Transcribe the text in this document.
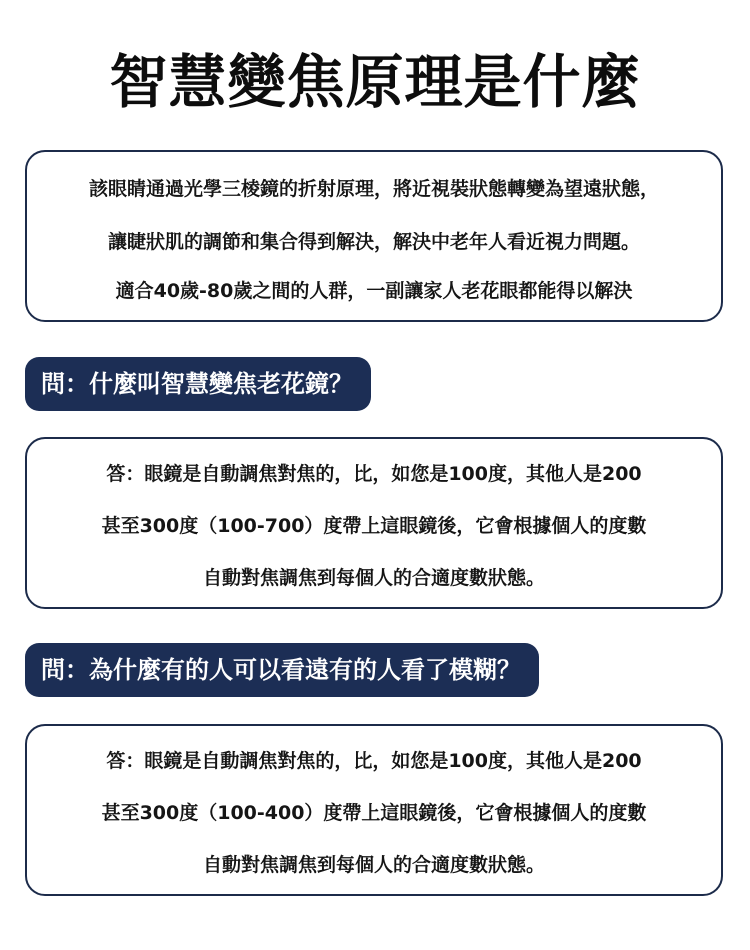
智慧變焦原理是什麼
該眼睛通過光學三棱鏡的折射原理，將近視裝狀態轉變為望遠狀態，
讓睫狀肌的調節和集合得到解決，解決中老年人看近視力問題。
適合40歲-80歲之間的人群，一副讓家人老花眼都能得以解決
問：什麼叫智慧變焦老花鏡？
答：眼鏡是自動調焦對焦的，比，如您是100度，其他人是200
甚至300度（100-700）度帶上這眼鏡後，它會根據個人的度數
自動對焦調焦到每個人的合適度數狀態。
問：為什麼有的人可以看遠有的人看了模糊？
答：眼鏡是自動調焦對焦的，比，如您是100度，其他人是200
甚至300度（100-400）度帶上這眼鏡後，它會根據個人的度數
自動對焦調焦到每個人的合適度數狀態。
